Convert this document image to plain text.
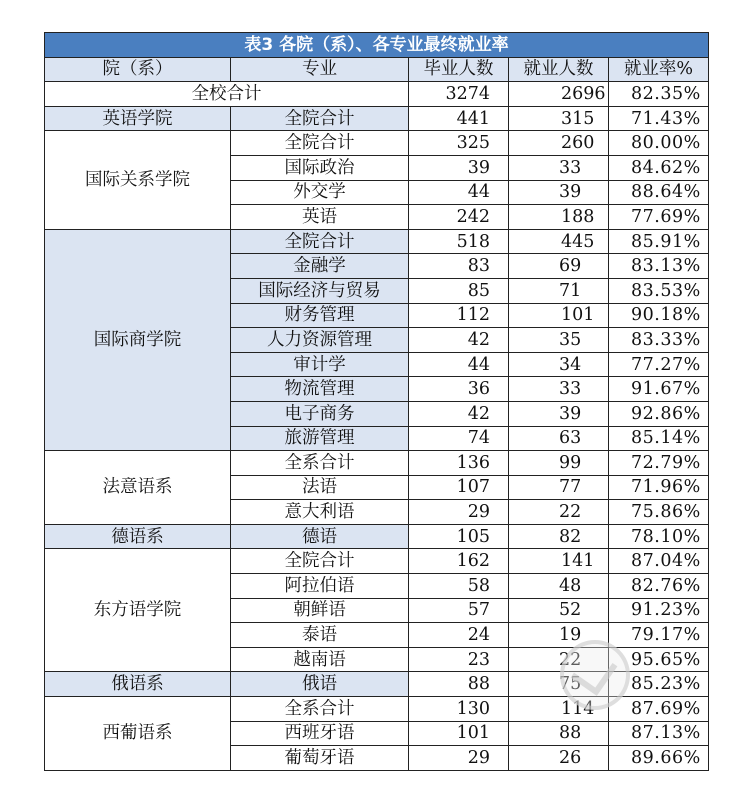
表3 各院（系）、各专业最终就业率				
院（系）	专业	毕业人数	就业人数	就业率%
全校合计		3274	2696	82.35%
英语学院	全院合计	441	315	71.43%
国际关系学院	全院合计	325	260	80.00%
	国际政治	39	33	84.62%
	外交学	44	39	88.64%
	英语	242	188	77.69%
国际商学院	全院合计	518	445	85.91%
	金融学	83	69	83.13%
	国际经济与贸易	85	71	83.53%
	财务管理	112	101	90.18%
	人力资源管理	42	35	83.33%
	审计学	44	34	77.27%
	物流管理	36	33	91.67%
	电子商务	42	39	92.86%
	旅游管理	74	63	85.14%
法意语系	全系合计	136	99	72.79%
	法语	107	77	71.96%
	意大利语	29	22	75.86%
德语系	德语	105	82	78.10%
东方语学院	全院合计	162	141	87.04%
	阿拉伯语	58	48	82.76%
	朝鲜语	57	52	91.23%
	泰语	24	19	79.17%
	越南语	23	22	95.65%
俄语系	俄语	88	75	85.23%
西葡语系	全系合计	130	114	87.69%
	西班牙语	101	88	87.13%
	葡萄牙语	29	26	89.66%
